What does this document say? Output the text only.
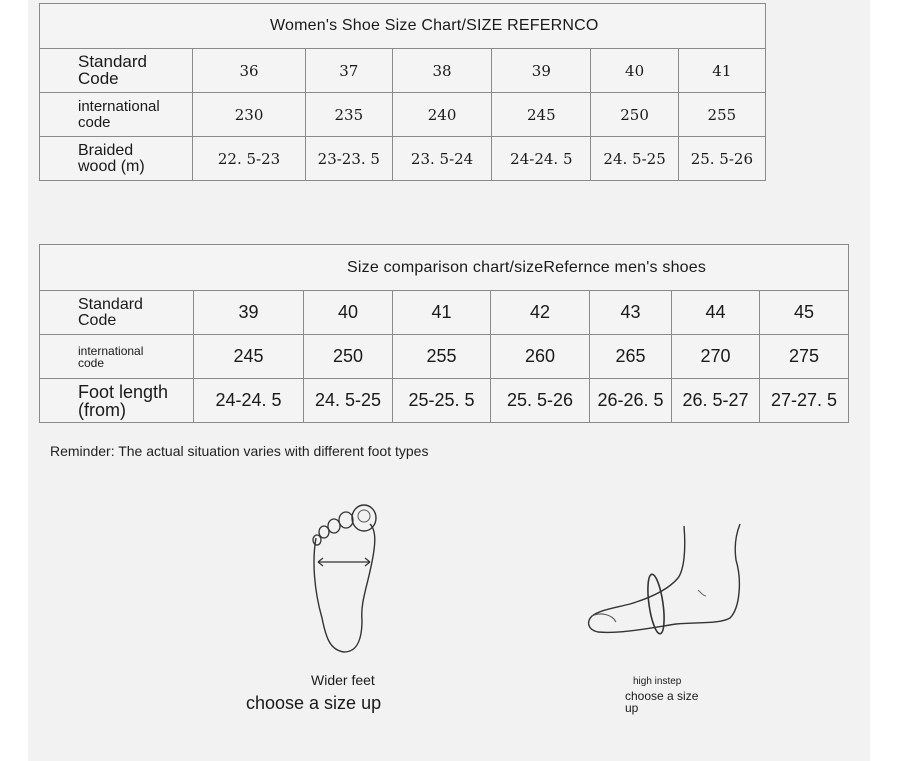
Women's Shoe Size Chart/SIZE REFERNCO						
Standard Code	36	37	38	39	40	41
international code	230	235	240	245	250	255
Braided wood (m)	22. 5-23	23-23. 5	23. 5-24	24-24. 5	24. 5-25	25. 5-26
Size comparison chart/sizeRefernce men's shoes							
Standard Code	39	40	41	42	43	44	45
international code	245	250	255	260	265	270	275
Foot length (from)	24-24. 5	24. 5-25	25-25. 5	25. 5-26	26-26. 5	26. 5-27	27-27. 5
Reminder: The actual situation varies with different foot types
Wider feet
choose a size up
high instep
choose a size up
